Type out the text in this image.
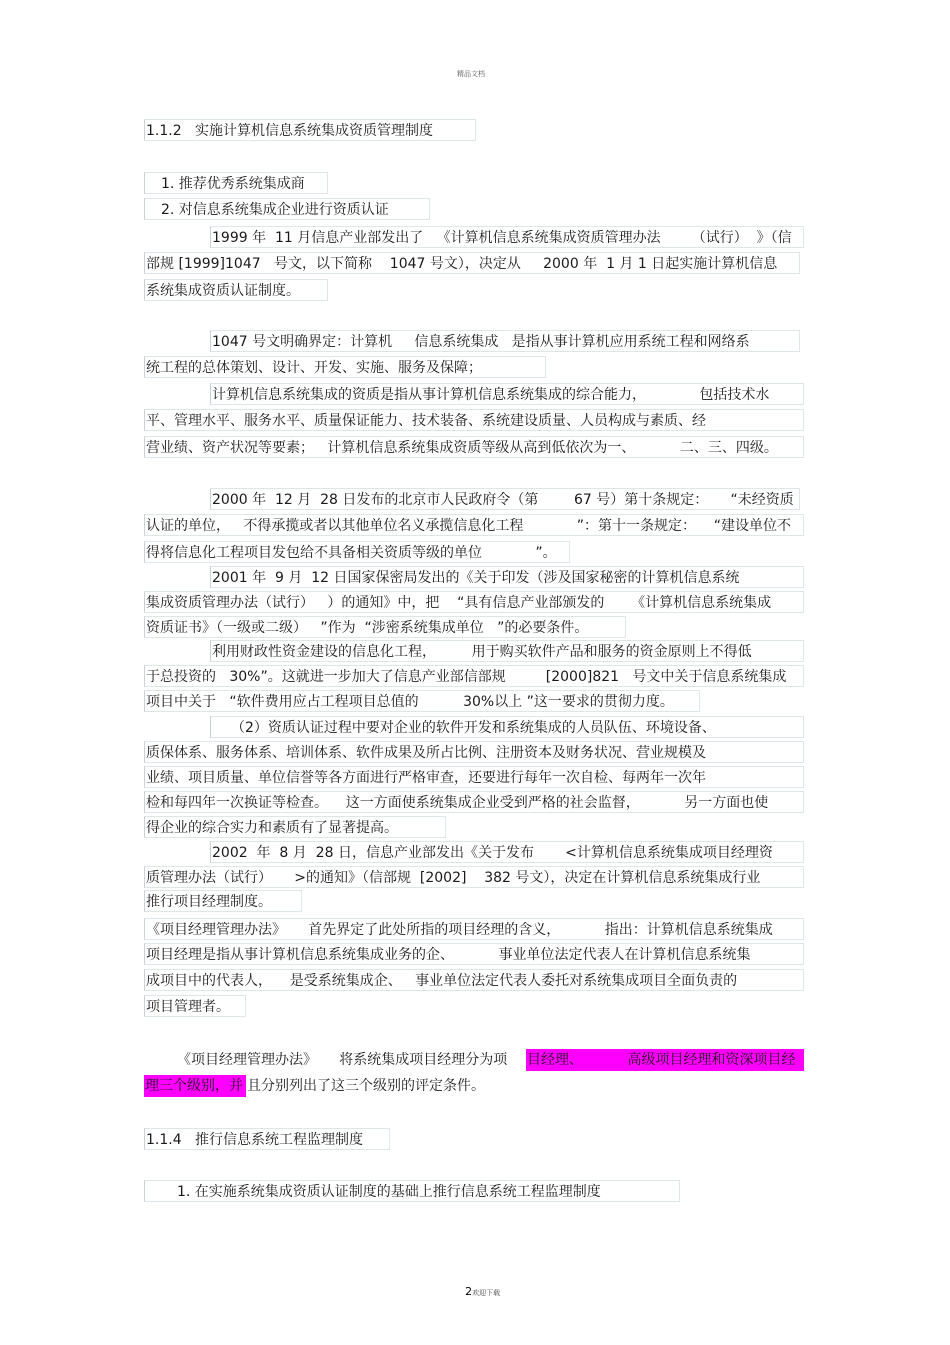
精品文档
1.1.2   实施计算机信息系统集成资质管理制度
1. 推荐优秀系统集成商
2. 对信息系统集成企业进行资质认证
1999 年  11 月信息产业部发出了   《计算机信息系统集成资质管理办法       （试行）  》（信
部规 [1999]1047   号文，以下简称    1047 号文），决定从     2000 年  1 月 1 日起实施计算机信息
系统集成资质认证制度。
1047 号文明确界定：计算机     信息系统集成   是指从事计算机应用系统工程和网络系
统工程的总体策划、设计、开发、实施、服务及保障；
计算机信息系统集成的资质是指从事计算机信息系统集成的综合能力，            包括技术水
平、管理水平、服务水平、质量保证能力、技术装备、系统建设质量、人员构成与素质、经
营业绩、资产状况等要素；   计算机信息系统集成资质等级从高到低依次为一、          二、三、四级。
2000 年  12 月  28 日发布的北京市人民政府令（第        67 号）第十条规定：     “未经资质
认证的单位，   不得承揽或者以其他单位名义承揽信息化工程            ”：第十一条规定：    “建设单位不
得将信息化工程项目发包给不具备相关资质等级的单位            ”。
2001 年  9 月  12 日国家保密局发出的《关于印发（涉及国家秘密的计算机信息系统
集成资质管理办法（试行）   ）的通知》中，把    “具有信息产业部颁发的      《计算机信息系统集成
资质证书》（一级或二级）   ”作为  “涉密系统集成单位   ”的必要条件。
利用财政性资金建设的信息化工程，        用于购买软件产品和服务的资金原则上不得低
于总投资的   30%”。这就进一步加大了信息产业部信部规         [2000]821   号文中关于信息系统集成
项目中关于   “软件费用应占工程项目总值的          30%以上 ”这一要求的贯彻力度。
（2）资质认证过程中要对企业的软件开发和系统集成的人员队伍、环境设备、
质保体系、服务体系、培训体系、软件成果及所占比例、注册资本及财务状况、营业规模及
业绩、项目质量、单位信誉等各方面进行严格审查，还要进行每年一次自检、每两年一次年
检和每四年一次换证等检查。    这一方面使系统集成企业受到严格的社会监督，          另一方面也使
得企业的综合实力和素质有了显著提高。
2002  年  8 月  28 日，信息产业部发出《关于发布       <计算机信息系统集成项目经理资
质管理办法（试行）     >的通知》（信部规  [2002]    382 号文），决定在计算机信息系统集成行业
推行项目经理制度。
《项目经理管理办法》     首先界定了此处所指的项目经理的含义，          指出：计算机信息系统集成
项目经理是指从事计算机信息系统集成业务的企、          事业单位法定代表人在计算机信息系统集
成项目中的代表人，    是受系统集成企、   事业单位法定代表人委托对系统集成项目全面负责的
项目管理者。
《项目经理管理办法》     将系统集成项目经理分为项	目经理、          高级项目经理和资深项目经
理三个级别，并 且分别列出了这三个级别的评定条件。
1.1.4   推行信息系统工程监理制度
1. 在实施系统集成资质认证制度的基础上推行信息系统工程监理制度

2欢迎下载
